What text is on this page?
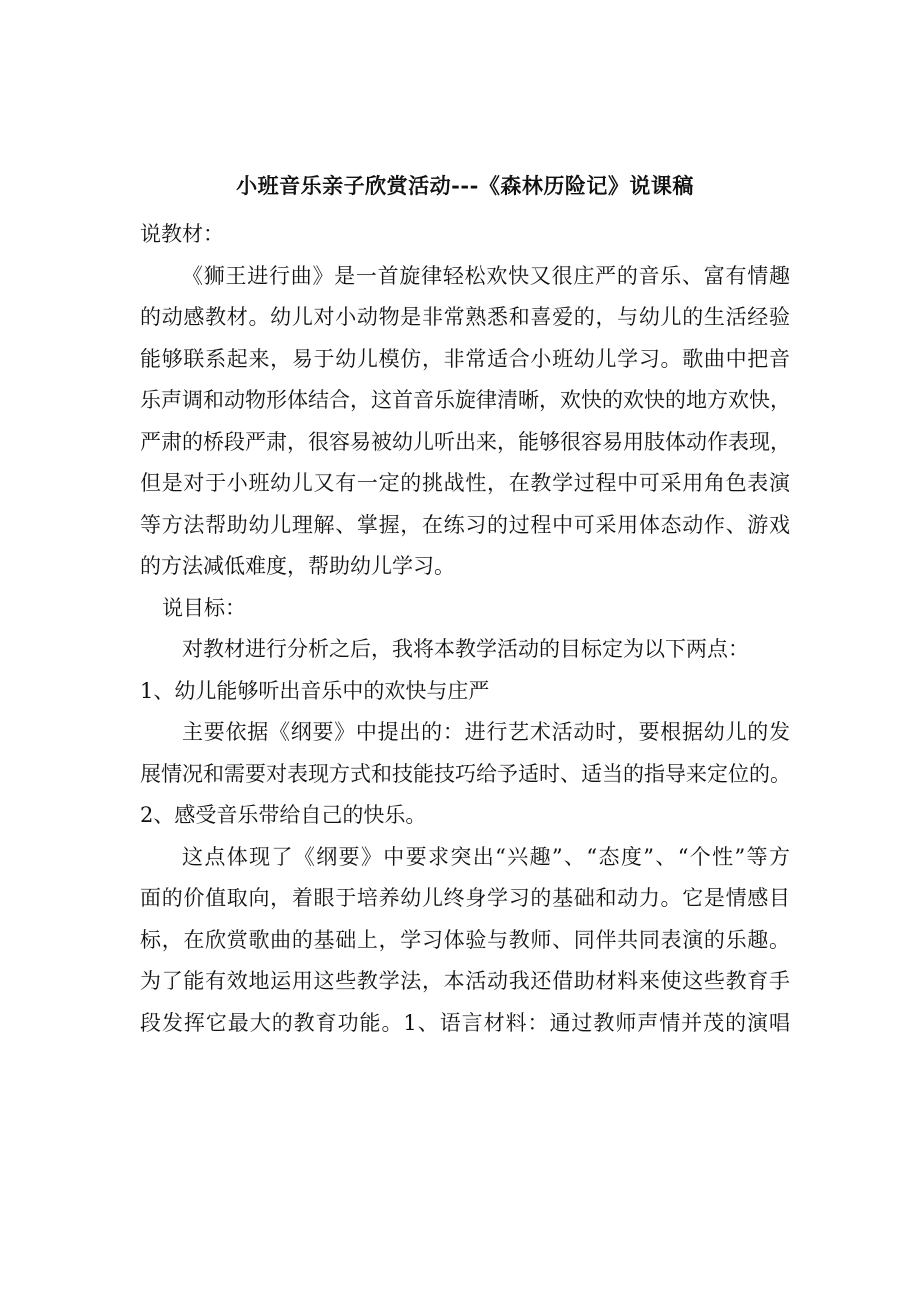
小班音乐亲子欣赏活动---《森林历险记》说课稿

说教材：

《狮王进行曲》是一首旋律轻松欢快又很庄严的音乐、富有情趣

的动感教材。幼儿对小动物是非常熟悉和喜爱的，与幼儿的生活经验

能够联系起来，易于幼儿模仿，非常适合小班幼儿学习。歌曲中把音

乐声调和动物形体结合，这首音乐旋律清晰，欢快的欢快的地方欢快，

严肃的桥段严肃，很容易被幼儿听出来，能够很容易用肢体动作表现，

但是对于小班幼儿又有一定的挑战性，在教学过程中可采用角色表演

等方法帮助幼儿理解、掌握，在练习的过程中可采用体态动作、游戏

的方法减低难度，帮助幼儿学习。

说目标：

对教材进行分析之后，我将本教学活动的目标定为以下两点：

1、幼儿能够听出音乐中的欢快与庄严

主要依据《纲要》中提出的：进行艺术活动时，要根据幼儿的发

展情况和需要对表现方式和技能技巧给予适时、适当的指导来定位的。

2、感受音乐带给自己的快乐。

这点体现了《纲要》中要求突出“兴趣”、“态度”、“个性”等方

面的价值取向，着眼于培养幼儿终身学习的基础和动力。它是情感目

标，在欣赏歌曲的基础上，学习体验与教师、同伴共同表演的乐趣。

为了能有效地运用这些教学法，本活动我还借助材料来使这些教育手

段发挥它最大的教育功能。1、语言材料：通过教师声情并茂的演唱
